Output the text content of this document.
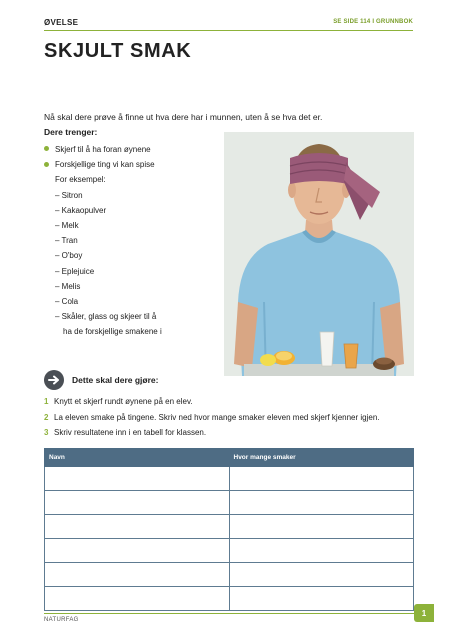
ØVELSE	SE SIDE 114 I GRUNNBOK
SKJULT SMAK
Nå skal dere prøve å finne ut hva dere har i munnen, uten å se hva det er.
Dere trenger:
Skjerf til å ha foran øynene
Forskjellige ting vi kan spise
For eksempel:
– Sitron
– Kakaopulver
– Melk
– Tran
– O'boy
– Eplejuice
– Melis
– Cola
– Skåler, glass og skjeer til å
ha de forskjellige smakene i
Dette skal dere gjøre:
1 Knytt et skjerf rundt øynene på en elev.
2 La eleven smake på tingene. Skriv ned hvor mange smaker eleven med skjerf kjenner igjen.
3 Skriv resultatene inn i en tabell for klassen.
Navn	Hvor mange smaker

NATURFAG
1
